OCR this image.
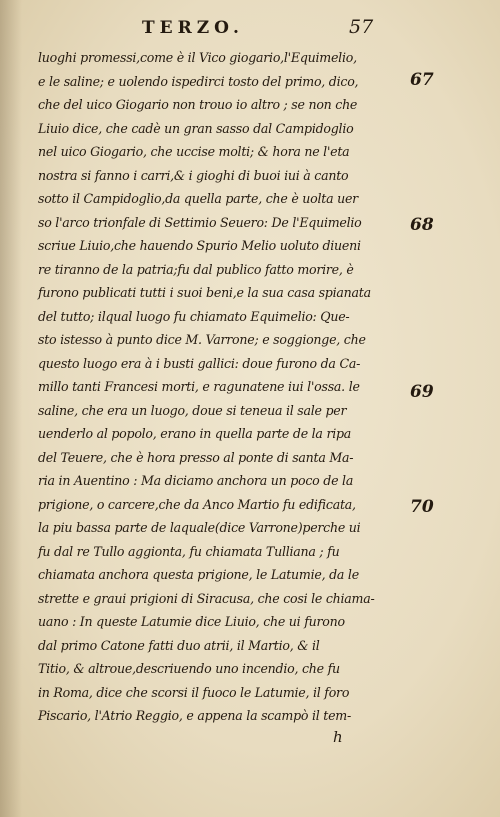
TERZO.	57
luoghi promessi,come è il Vico giogario,l'Equimelio,
e le saline; e uolendo ispedirci tosto del primo, dico,
che del uico Giogario non trouo io altro ; se non che
Liuio dice, che cadè un gran sasso dal Campidoglio
nel uico Giogario, che uccise molti; & hora ne l'eta
nostra si fanno i carri,& i gioghi di buoi iui à canto
sotto il Campidoglio,da quella parte, che è uolta uer
so l'arco trionfale di Settimio Seuero: De l'Equimelio
scriue Liuio,che hauendo Spurio Melio uoluto diueni
re tiranno de la patria;fu dal publico fatto morire, è
furono publicati tutti i suoi beni,e la sua casa spianata
del tutto; ilqual luogo fu chiamato Equimelio: Que-
sto istesso à punto dice M. Varrone; e soggionge, che
questo luogo era à i busti gallici: doue furono da Ca-
millo tanti Francesi morti, e ragunatene iui l'ossa. le
saline, che era un luogo, doue si teneua il sale per
uenderlo al popolo, erano in quella parte de la ripa
del Teuere, che è hora presso al ponte di santa Ma-
ria in Auentino : Ma diciamo anchora un poco de la
prigione, o carcere,che da Anco Martio fu edificata,
la piu bassa parte de laquale(dice Varrone)perche ui
fu dal re Tullo aggionta, fu chiamata Tulliana ; fu
chiamata anchora questa prigione, le Latumie, da le
strette e graui prigioni di Siracusa, che cosi le chiama-
uano : In queste Latumie dice Liuio, che ui furono
dal primo Catone fatti duo atrii, il Martio, & il
Titio, & altroue,descriuendo uno incendio, che fu
in Roma, dice che scorsi il fuoco le Latumie, il foro
Piscario, l'Atrio Reggio, e appena la scampò il tem-
67
68
69
70
h
